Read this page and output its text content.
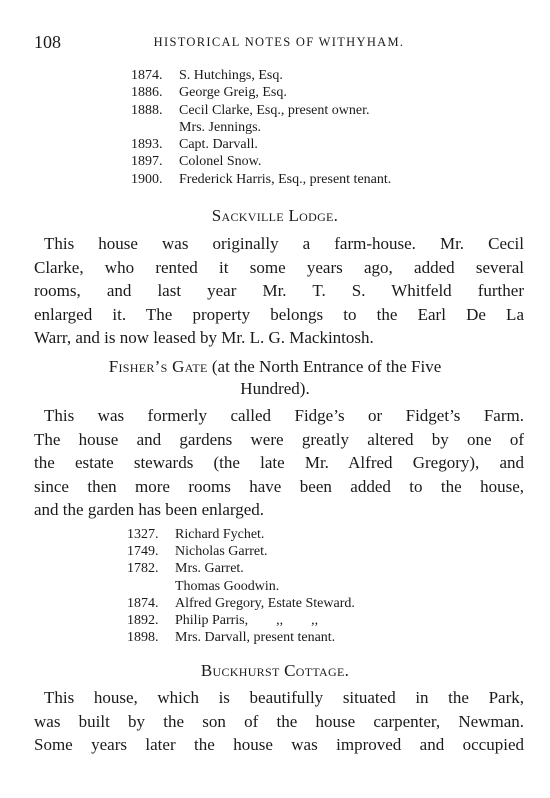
108	HISTORICAL NOTES OF WITHYHAM.
1874. S. Hutchings, Esq.
1886. George Greig, Esq.
1888. Cecil Clarke, Esq., present owner.
Mrs. Jennings.
1893. Capt. Darvall.
1897. Colonel Snow.
1900. Frederick Harris, Esq., present tenant.
Sackville Lodge.
This house was originally a farm-house. Mr. Cecil
Clarke, who rented it some years ago, added several
rooms, and last year Mr. T. S. Whitfeld further
enlarged it. The property belongs to the Earl De La
Warr, and is now leased by Mr. L. G. Mackintosh.
Fisher’s Gate (at the North Entrance of the Five
Hundred).
This was formerly called Fidge’s or Fidget’s Farm.
The house and gardens were greatly altered by one of
the estate stewards (the late Mr. Alfred Gregory), and
since then more rooms have been added to the house,
and the garden has been enlarged.
1327. Richard Fychet.
1749. Nicholas Garret.
1782. Mrs. Garret.
Thomas Goodwin.
1874. Alfred Gregory, Estate Steward.
1892. Philip Parris,        ,,        ,,
1898. Mrs. Darvall, present tenant.
Buckhurst Cottage.
This house, which is beautifully situated in the Park,
was built by the son of the house carpenter, Newman.
Some years later the house was improved and occupied
